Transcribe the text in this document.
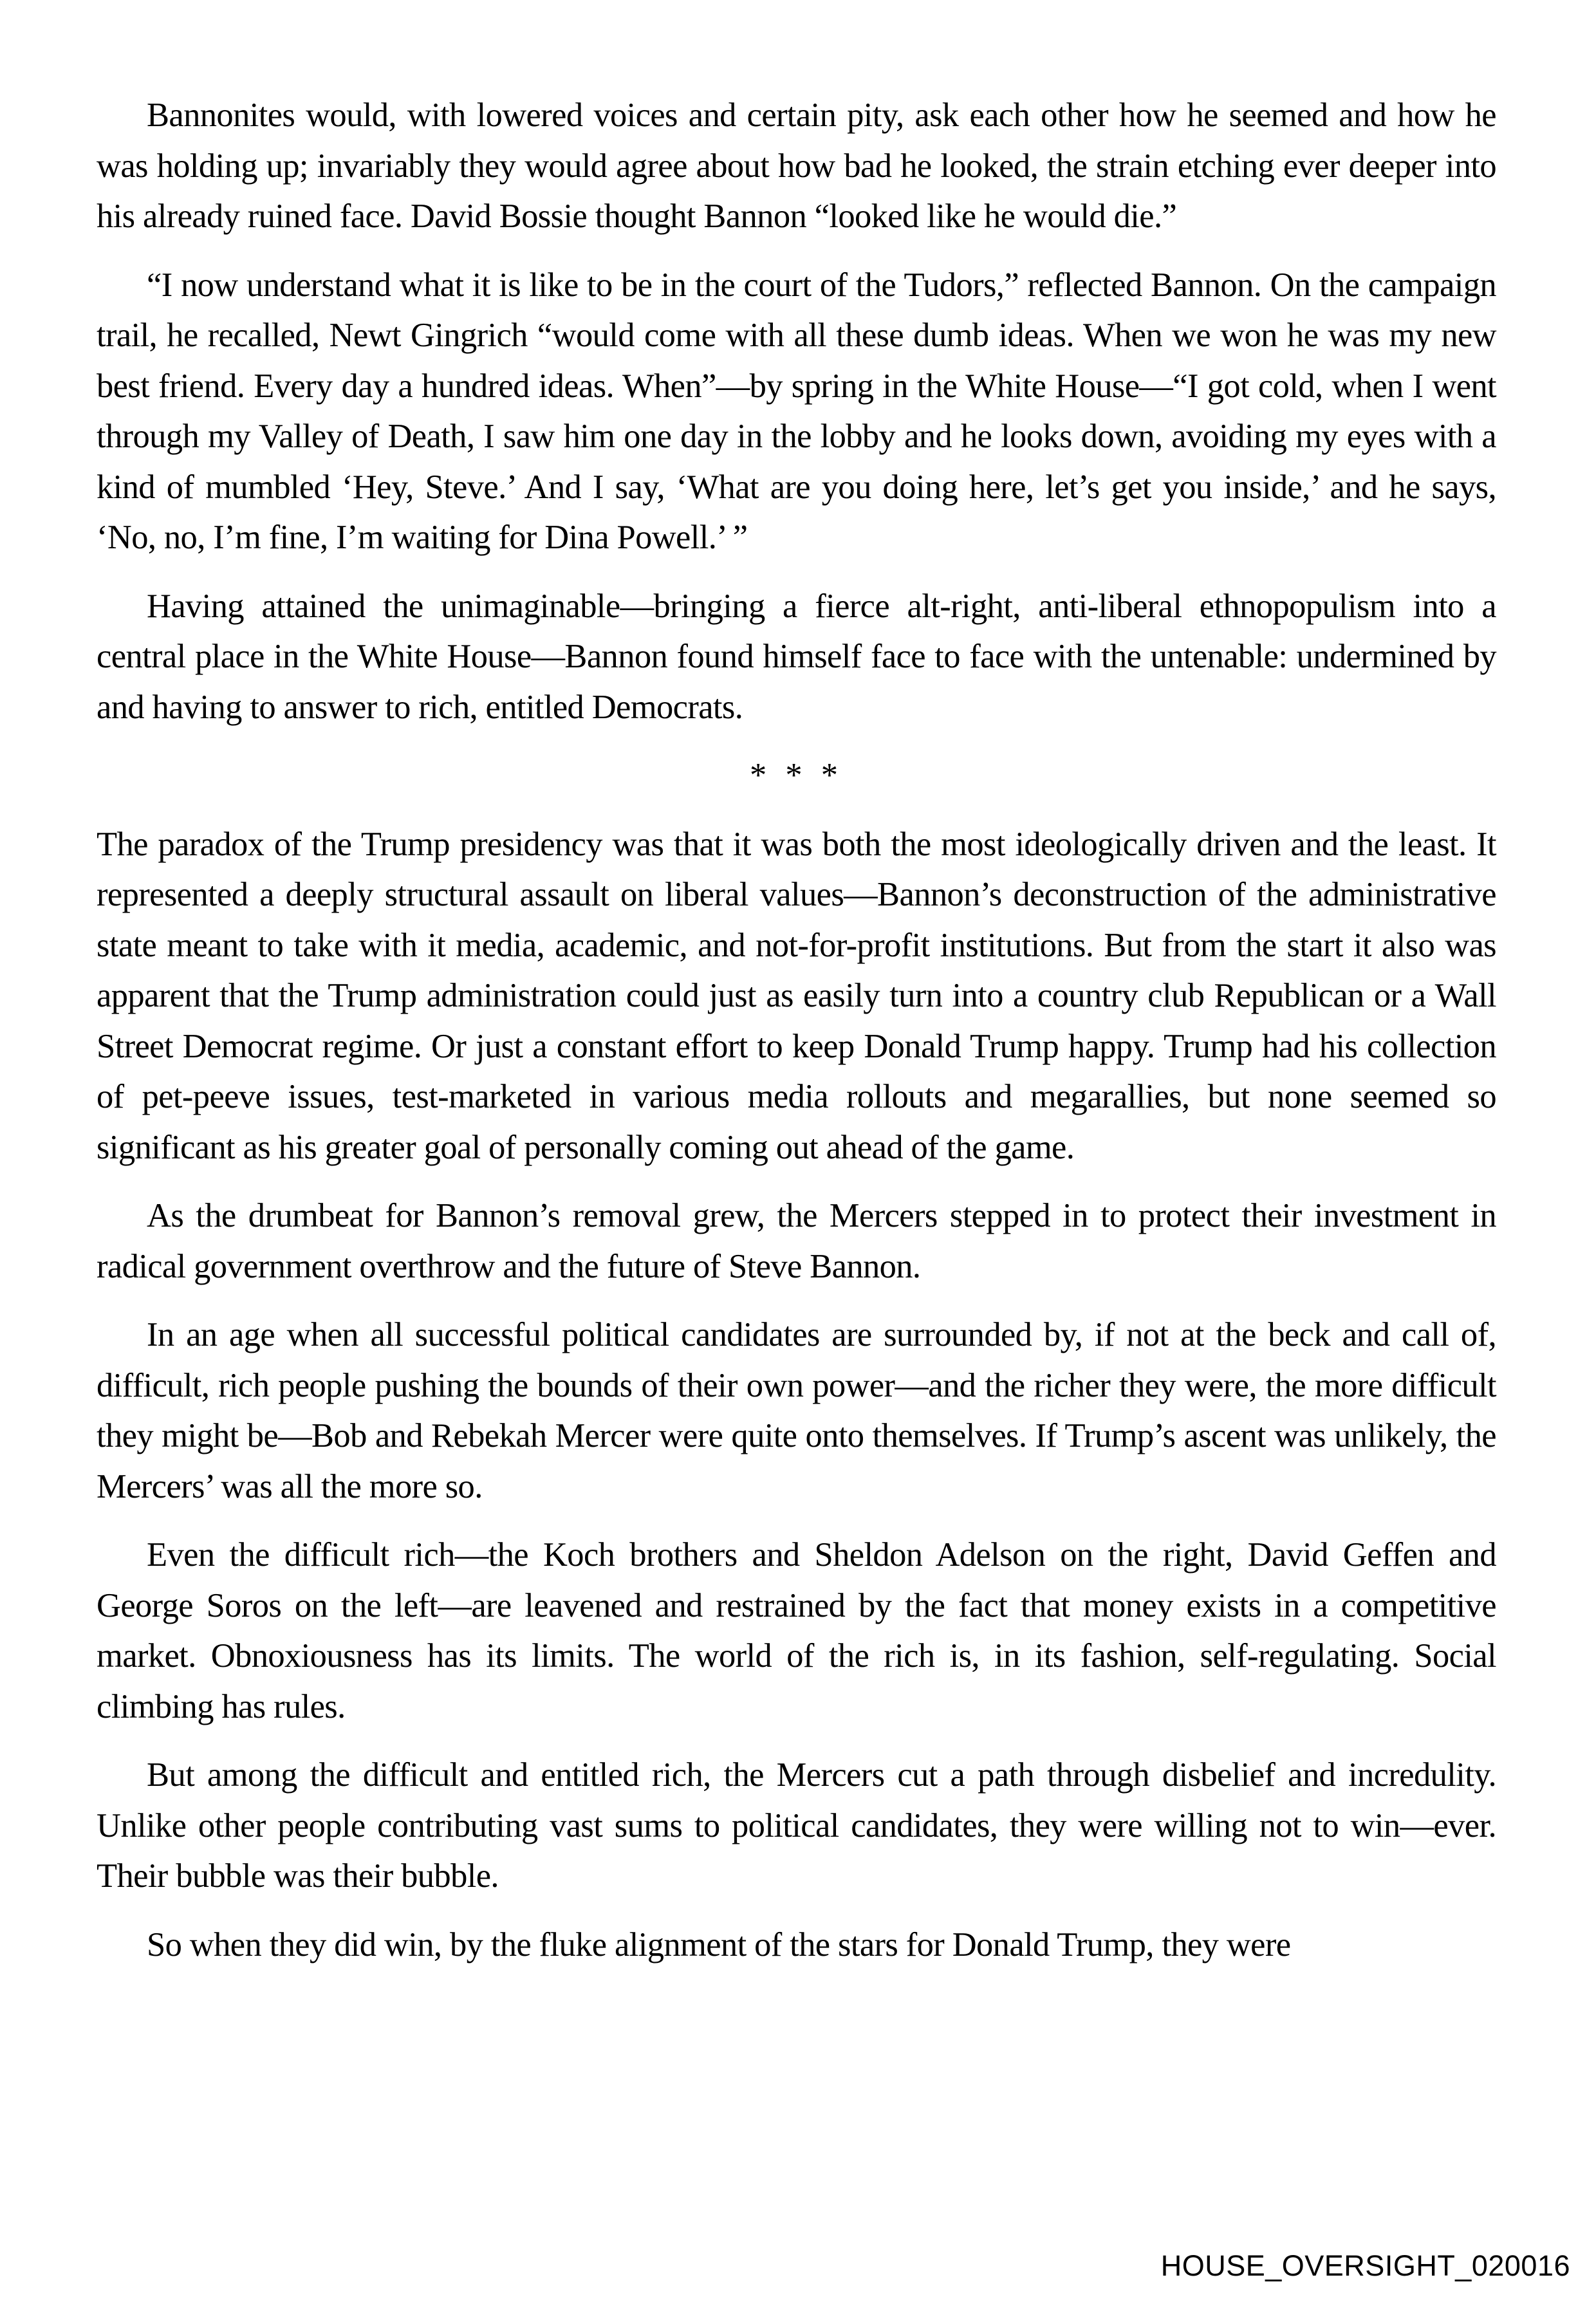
Bannonites would, with lowered voices and certain pity, ask each other how he seemed and how he was holding up; invariably they would agree about how bad he looked, the strain etching ever deeper into his already ruined face. David Bossie thought Bannon “looked like he would die.”

“I now understand what it is like to be in the court of the Tudors,” reflected Bannon. On the campaign trail, he recalled, Newt Gingrich “would come with all these dumb ideas. When we won he was my new best friend. Every day a hundred ideas. When”—by spring in the White House—“I got cold, when I went through my Valley of Death, I saw him one day in the lobby and he looks down, avoiding my eyes with a kind of mumbled ‘Hey, Steve.’ And I say, ‘What are you doing here, let’s get you inside,’ and he says, ‘No, no, I’m fine, I’m waiting for Dina Powell.’ ”

Having attained the unimaginable—bringing a fierce alt-right, anti-liberal ethnopopulism into a central place in the White House—Bannon found himself face to face with the untenable: undermined by and having to answer to rich, entitled Democrats.

* * *

The paradox of the Trump presidency was that it was both the most ideologically driven and the least. It represented a deeply structural assault on liberal values—Bannon’s deconstruction of the administrative state meant to take with it media, academic, and not-for-profit institutions. But from the start it also was apparent that the Trump administration could just as easily turn into a country club Republican or a Wall Street Democrat regime. Or just a constant effort to keep Donald Trump happy. Trump had his collection of pet-peeve issues, test-marketed in various media rollouts and megarallies, but none seemed so significant as his greater goal of personally coming out ahead of the game.

As the drumbeat for Bannon’s removal grew, the Mercers stepped in to protect their investment in radical government overthrow and the future of Steve Bannon.

In an age when all successful political candidates are surrounded by, if not at the beck and call of, difficult, rich people pushing the bounds of their own power—and the richer they were, the more difficult they might be—Bob and Rebekah Mercer were quite onto themselves. If Trump’s ascent was unlikely, the Mercers’ was all the more so.

Even the difficult rich—the Koch brothers and Sheldon Adelson on the right, David Geffen and George Soros on the left—are leavened and restrained by the fact that money exists in a competitive market. Obnoxiousness has its limits. The world of the rich is, in its fashion, self-regulating. Social climbing has rules.

But among the difficult and entitled rich, the Mercers cut a path through disbelief and incredulity. Unlike other people contributing vast sums to political candidates, they were willing not to win—ever. Their bubble was their bubble.

So when they did win, by the fluke alignment of the stars for Donald Trump, they were

HOUSE_OVERSIGHT_020016
